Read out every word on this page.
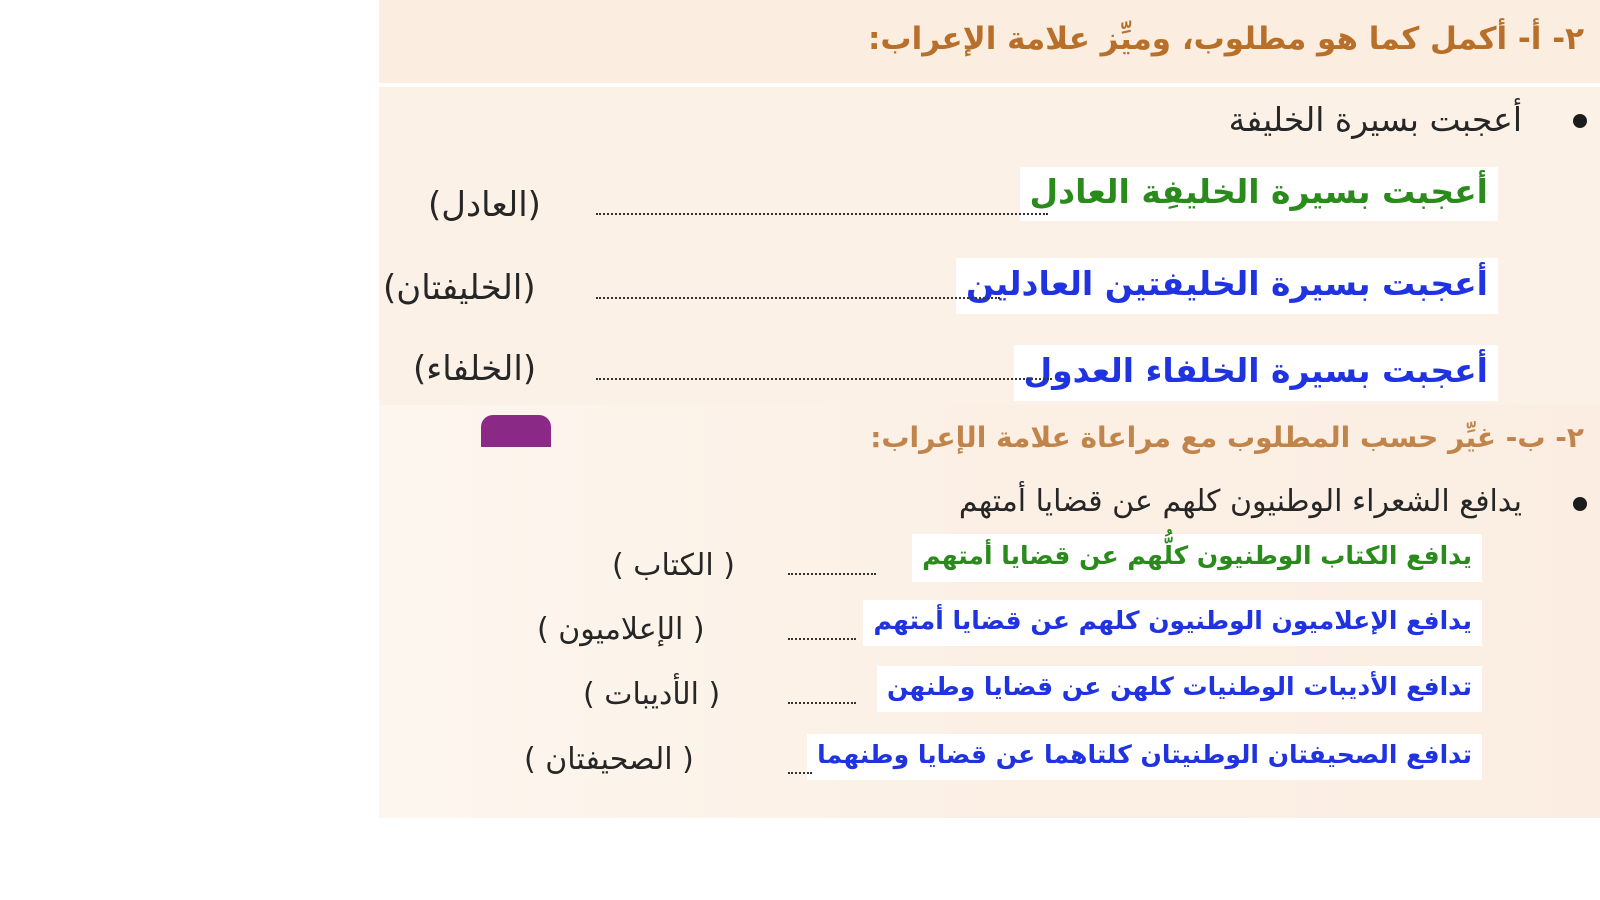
٢- أ- أكمل كما هو مطلوب، وميِّز علامة الإعراب:
أعجبت بسيرة الخليفة
أعجبت بسيرة الخليفِة العادل
(العادل)
أعجبت بسيرة الخليفتين العادلين
(الخليفتان)
أعجبت بسيرة الخلفاء العدول
(الخلفاء)
٢- ب- غيِّر حسب المطلوب مع مراعاة علامة الإعراب:
يدافع الشعراء الوطنيون كلهم عن قضايا أمتهم
يدافع الكتاب الوطنيون كلُّهم عن قضايا أمتهم
( الكتاب )
يدافع الإعلاميون الوطنيون كلهم عن قضايا أمتهم
( الإعلاميون )
تدافع الأديبات الوطنيات كلهن عن قضايا وطنهن
( الأديبات )
تدافع الصحيفتان الوطنيتان كلتاهما عن قضايا وطنهما
( الصحيفتان )
